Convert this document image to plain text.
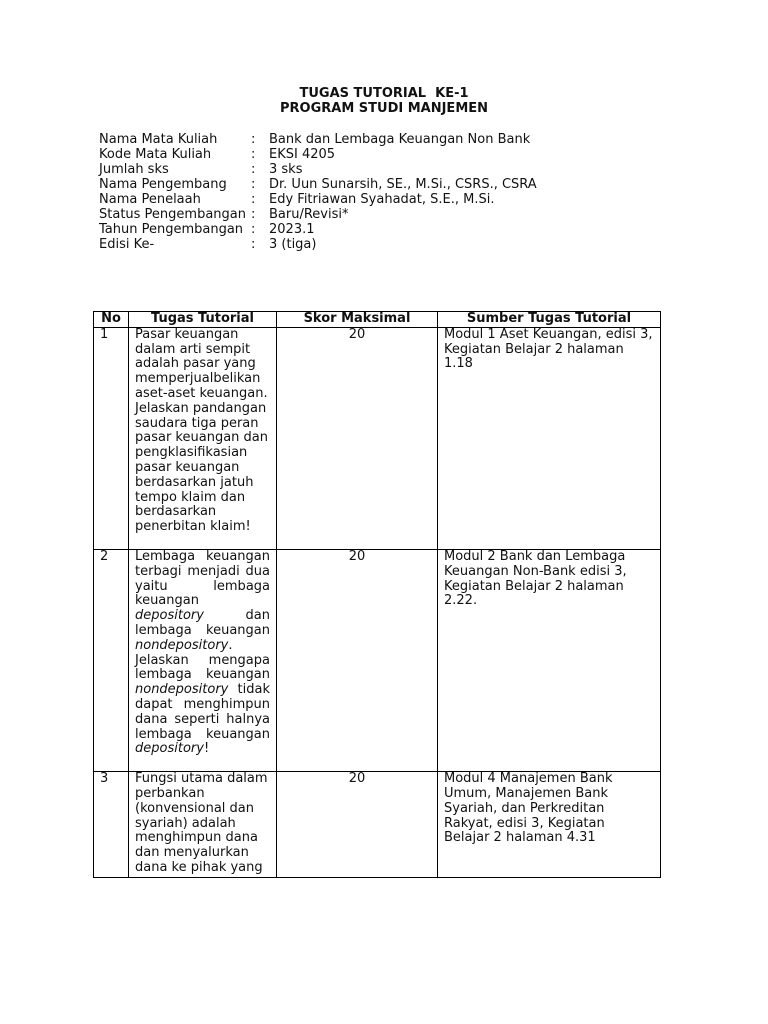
TUGAS TUTORIAL  KE-1
PROGRAM STUDI MANJEMEN
Nama Mata Kuliah	:	Bank dan Lembaga Keuangan Non Bank
Kode Mata Kuliah	:	EKSI 4205
Jumlah sks	:	3 sks
Nama Pengembang	:	Dr. Uun Sunarsih, SE., M.Si., CSRS., CSRA
Nama Penelaah	:	Edy Fitriawan Syahadat, S.E., M.Si.
Status Pengembangan	:	Baru/Revisi*
Tahun Pengembangan	:	2023.1
Edisi Ke-	:	3 (tiga)
No	Tugas Tutorial	Skor Maksimal	Sumber Tugas Tutorial
1	Pasar keuangan dalam arti sempit adalah pasar yang memperjualbelikan aset-aset keuangan. Jelaskan pandangan saudara tiga peran pasar keuangan dan pengklasifikasian pasar keuangan berdasarkan jatuh tempo klaim dan berdasarkan penerbitan klaim!	20	Modul 1 Aset Keuangan, edisi 3, Kegiatan Belajar 2 halaman 1.18
2	Lembaga keuangan terbagi menjadi dua yaitu lembaga keuangan depository dan lembaga keuangan nondepository. Jelaskan mengapa lembaga keuangan nondepository tidak dapat menghimpun dana seperti halnya lembaga keuangan depository!	20	Modul 2 Bank dan Lembaga Keuangan Non-Bank edisi 3, Kegiatan Belajar 2 halaman 2.22.
3	Fungsi utama dalam perbankan (konvensional dan syariah) adalah menghimpun dana dan menyalurkan dana ke pihak yang	20	Modul 4 Manajemen Bank Umum, Manajemen Bank Syariah, dan Perkreditan Rakyat, edisi 3, Kegiatan Belajar 2 halaman 4.31
